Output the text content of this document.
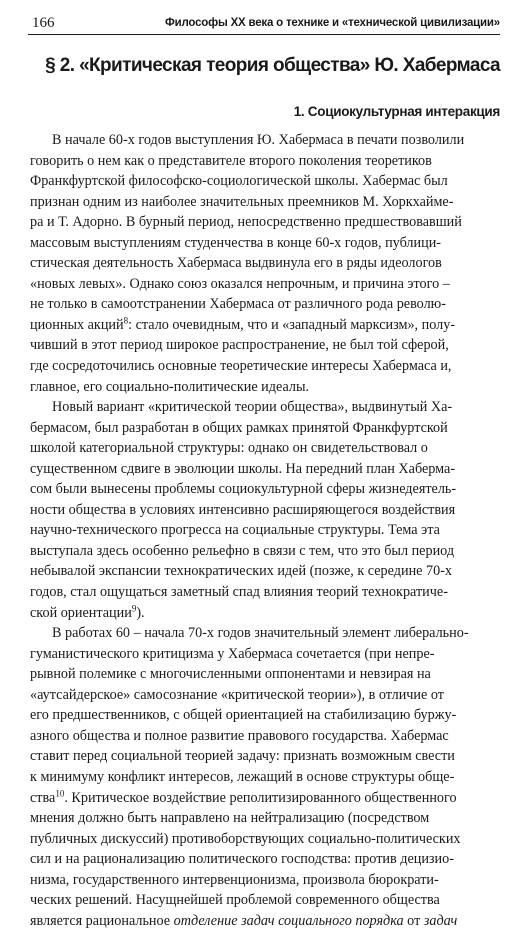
166	Философы XX века о технике и «технической цивилизации»
§ 2. «Критическая теория общества» Ю. Хабермаса
1. Социокультурная интеракция
В начале 60-х годов выступления Ю. Хабермаса в печати позволили
говорить о нем как о представителе второго поколения теоретиков
Франкфуртской философско-социологической школы. Хабермас был
признан одним из наиболее значительных преемников М. Хоркхайме-
ра и Т. Адорно. В бурный период, непосредственно предшествовавший
массовым выступлениям студенчества в конце 60-х годов, публици-
стическая деятельность Хабермаса выдвинула его в ряды идеологов
«новых левых». Однако союз оказался непрочным, и причина этого –
не только в самоотстранении Хабермаса от различного рода револю-
ционных акций$^8$: стало очевидным, что и «западный марксизм», полу-
чивший в этот период широкое распространение, не был той сферой,
где сосредоточились основные теоретические интересы Хабермаса и,
главное, его социально-политические идеалы.
Новый вариант «критической теории общества», выдвинутый Ха-
бермасом, был разработан в общих рамках принятой Франкфуртской
школой категориальной структуры: однако он свидетельствовал о
существенном сдвиге в эволюции школы. На передний план Хаберма-
сом были вынесены проблемы социокультурной сферы жизнедеятель-
ности общества в условиях интенсивно расширяющегося воздействия
научно-технического прогресса на социальные структуры. Тема эта
выступала здесь особенно рельефно в связи с тем, что это был период
небывалой экспансии технократических идей (позже, к середине 70-х
годов, стал ощущаться заметный спад влияния теорий технократиче-
ской ориентации$^9$).
В работах 60 – начала 70-х годов значительный элемент либерально-
гуманистического критицизма у Хабермаса сочетается (при непре-
рывной полемике с многочисленными оппонентами и невзирая на
«аутсайдерское» самосознание «критической теории»), в отличие от
его предшественников, с общей ориентацией на стабилизацию буржу-
азного общества и полное развитие правового государства. Хабермас
ставит перед социальной теорией задачу: признать возможным свести
к минимуму конфликт интересов, лежащий в основе структуры обще-
ства$^{10}$. Критическое воздействие реполитизированного общественного
мнения должно быть направлено на нейтрализацию (посредством
публичных дискуссий) противоборствующих социально-политических
сил и на рационализацию политического господства: против децизио-
низма, государственного интервенционизма, произвола бюрократи-
ческих решений. Насущнейшей проблемой современного общества
является рациональное отделение задач социального порядка от задач
